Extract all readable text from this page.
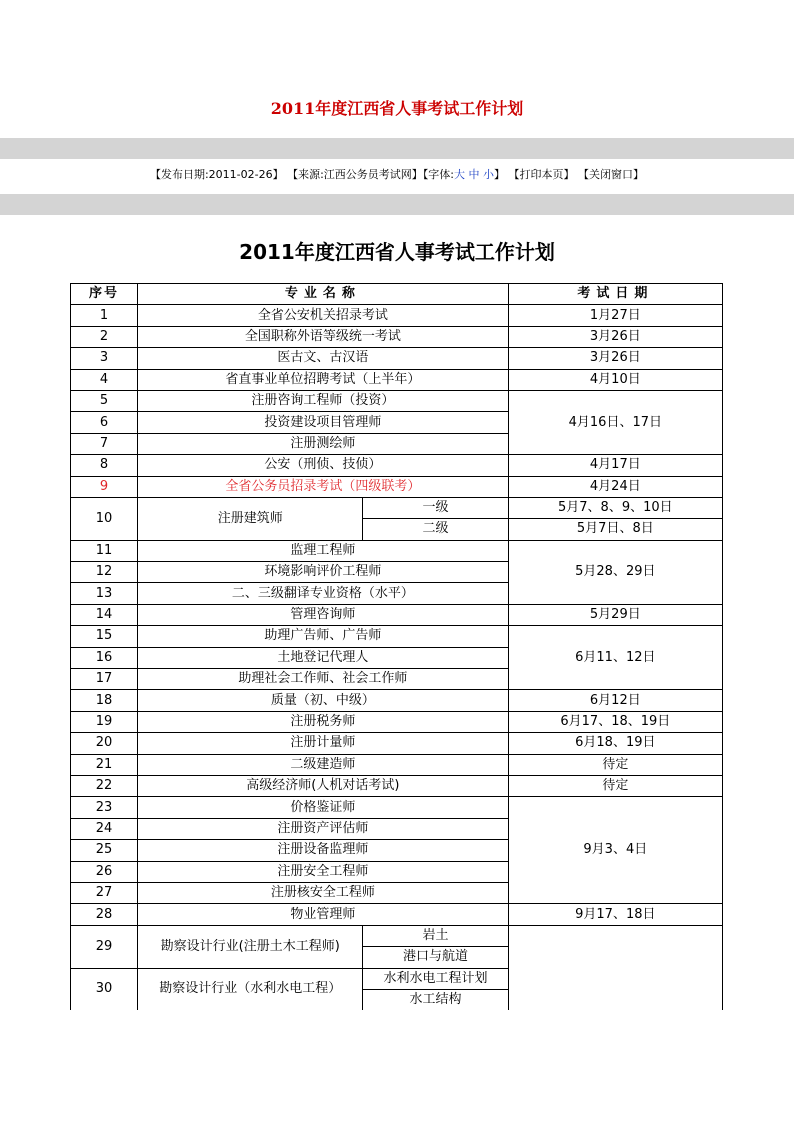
2011年度江西省人事考试工作计划
【发布日期:2011-02-26】 【来源:江西公务员考试网】【字体:大 中 小】 【打印本页】 【关闭窗口】
2011年度江西省人事考试工作计划
序号	专业名称		考试日期
1	全省公安机关招录考试		1月27日
2	全国职称外语等级统一考试		3月26日
3	医古文、古汉语		3月26日
4	省直事业单位招聘考试（上半年）		4月10日
5	注册咨询工程师（投资）		4月16日、17日
6	投资建设项目管理师		
7	注册测绘师		
8	公安（刑侦、技侦）		4月17日
9	全省公务员招录考试（四级联考）		4月24日
10	注册建筑师	一级	5月7、8、9、10日
		二级	5月7日、8日
11	监理工程师		5月28、29日
12	环境影响评价工程师		
13	二、三级翻译专业资格（水平）		
14	管理咨询师		5月29日
15	助理广告师、广告师		6月11、12日
16	土地登记代理人		
17	助理社会工作师、社会工作师		
18	质量（初、中级）		6月12日
19	注册税务师		6月17、18、19日
20	注册计量师		6月18、19日
21	二级建造师		待定
22	高级经济师(人机对话考试)		待定
23	价格鉴证师		9月3、4日
24	注册资产评估师		
25	注册设备监理师		
26	注册安全工程师		
27	注册核安全工程师		
28	物业管理师		9月17、18日
29	勘察设计行业(注册土木工程师)	岩土	
		港口与航道	
30	勘察设计行业（水利水电工程）	水利水电工程计划	
		水工结构	
